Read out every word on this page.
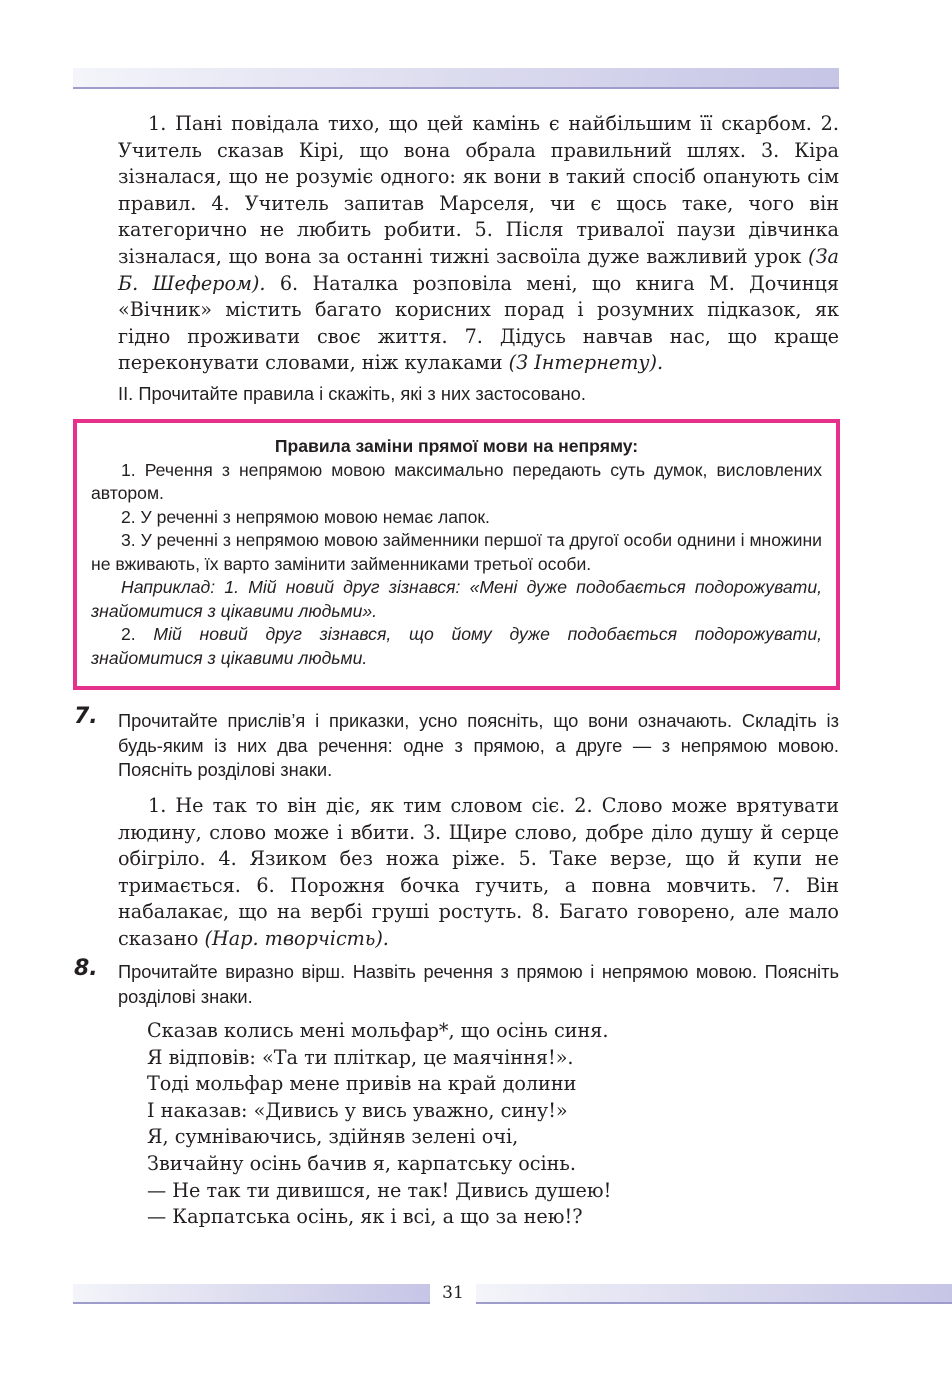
1. Пані повідала тихо, що цей камінь є найбільшим її скарбом. 2. Учитель сказав Кірі, що вона обрала правильний шлях. 3. Кіра зізналася, що не розуміє одного: як вони в такий спосіб опанують сім правил. 4. Учитель запитав Марселя, чи є щось таке, чого він категорично не любить робити. 5. Після тривалої паузи дівчинка зізналася, що вона за останні тижні засвоїла дуже важливий урок (За Б. Шефером). 6. Наталка розповіла мені, що книга М. Дочинця «Вічник» містить багато корисних порад і розумних підказок, як гідно проживати своє життя. 7. Дідусь навчав нас, що краще переконувати словами, ніж кулаками (З Інтернету).

II. Прочитайте правила і скажіть, які з них застосовано.
Правила заміни прямої мови на непряму:

1. Речення з непрямою мовою максимально передають суть думок, висловлених автором.

2. У реченні з непрямою мовою немає лапок.

3. У реченні з непрямою мовою займенники першої та другої особи однини і множини не вживають, їх варто замінити займенниками третьої особи.

Наприклад: 1. Мій новий друг зізнався: «Мені дуже подобається подорожувати, знайомитися з цікавими людьми».

2. Мій новий друг зізнався, що йому дуже подобається подорожувати, знайомитися з цікавими людьми.

7. Прочитайте прислів’я і приказки, усно поясніть, що вони означають. Складіть із будь-яким із них два речення: одне з прямою, а друге — з непрямою мовою. Поясніть розділові знаки.

1. Не так то він діє, як тим словом сіє. 2. Слово може врятувати людину, слово може і вбити. 3. Щире слово, добре діло душу й серце обігріло. 4. Язиком без ножа ріже. 5. Таке верзе, що й купи не тримається. 6. Порожня бочка гучить, а повна мовчить. 7. Він набалакає, що на вербі груші ростуть. 8. Багато говорено, але мало сказано (Нар. творчість).

8. Прочитайте виразно вірш. Назвіть речення з прямою і непрямою мовою. Поясніть розділові знаки.
Сказав колись мені мольфар*, що осінь синя.
Я відповів: «Та ти пліткар, це маячіння!».
Тоді мольфар мене привів на край долини
І наказав: «Дивись у вись уважно, сину!»
Я, сумніваючись, здійняв зелені очі,
Звичайну осінь бачив я, карпатську осінь.
— Не так ти дивишся, не так! Дивись душею!
— Карпатська осінь, як і всі, а що за нею!?
31
